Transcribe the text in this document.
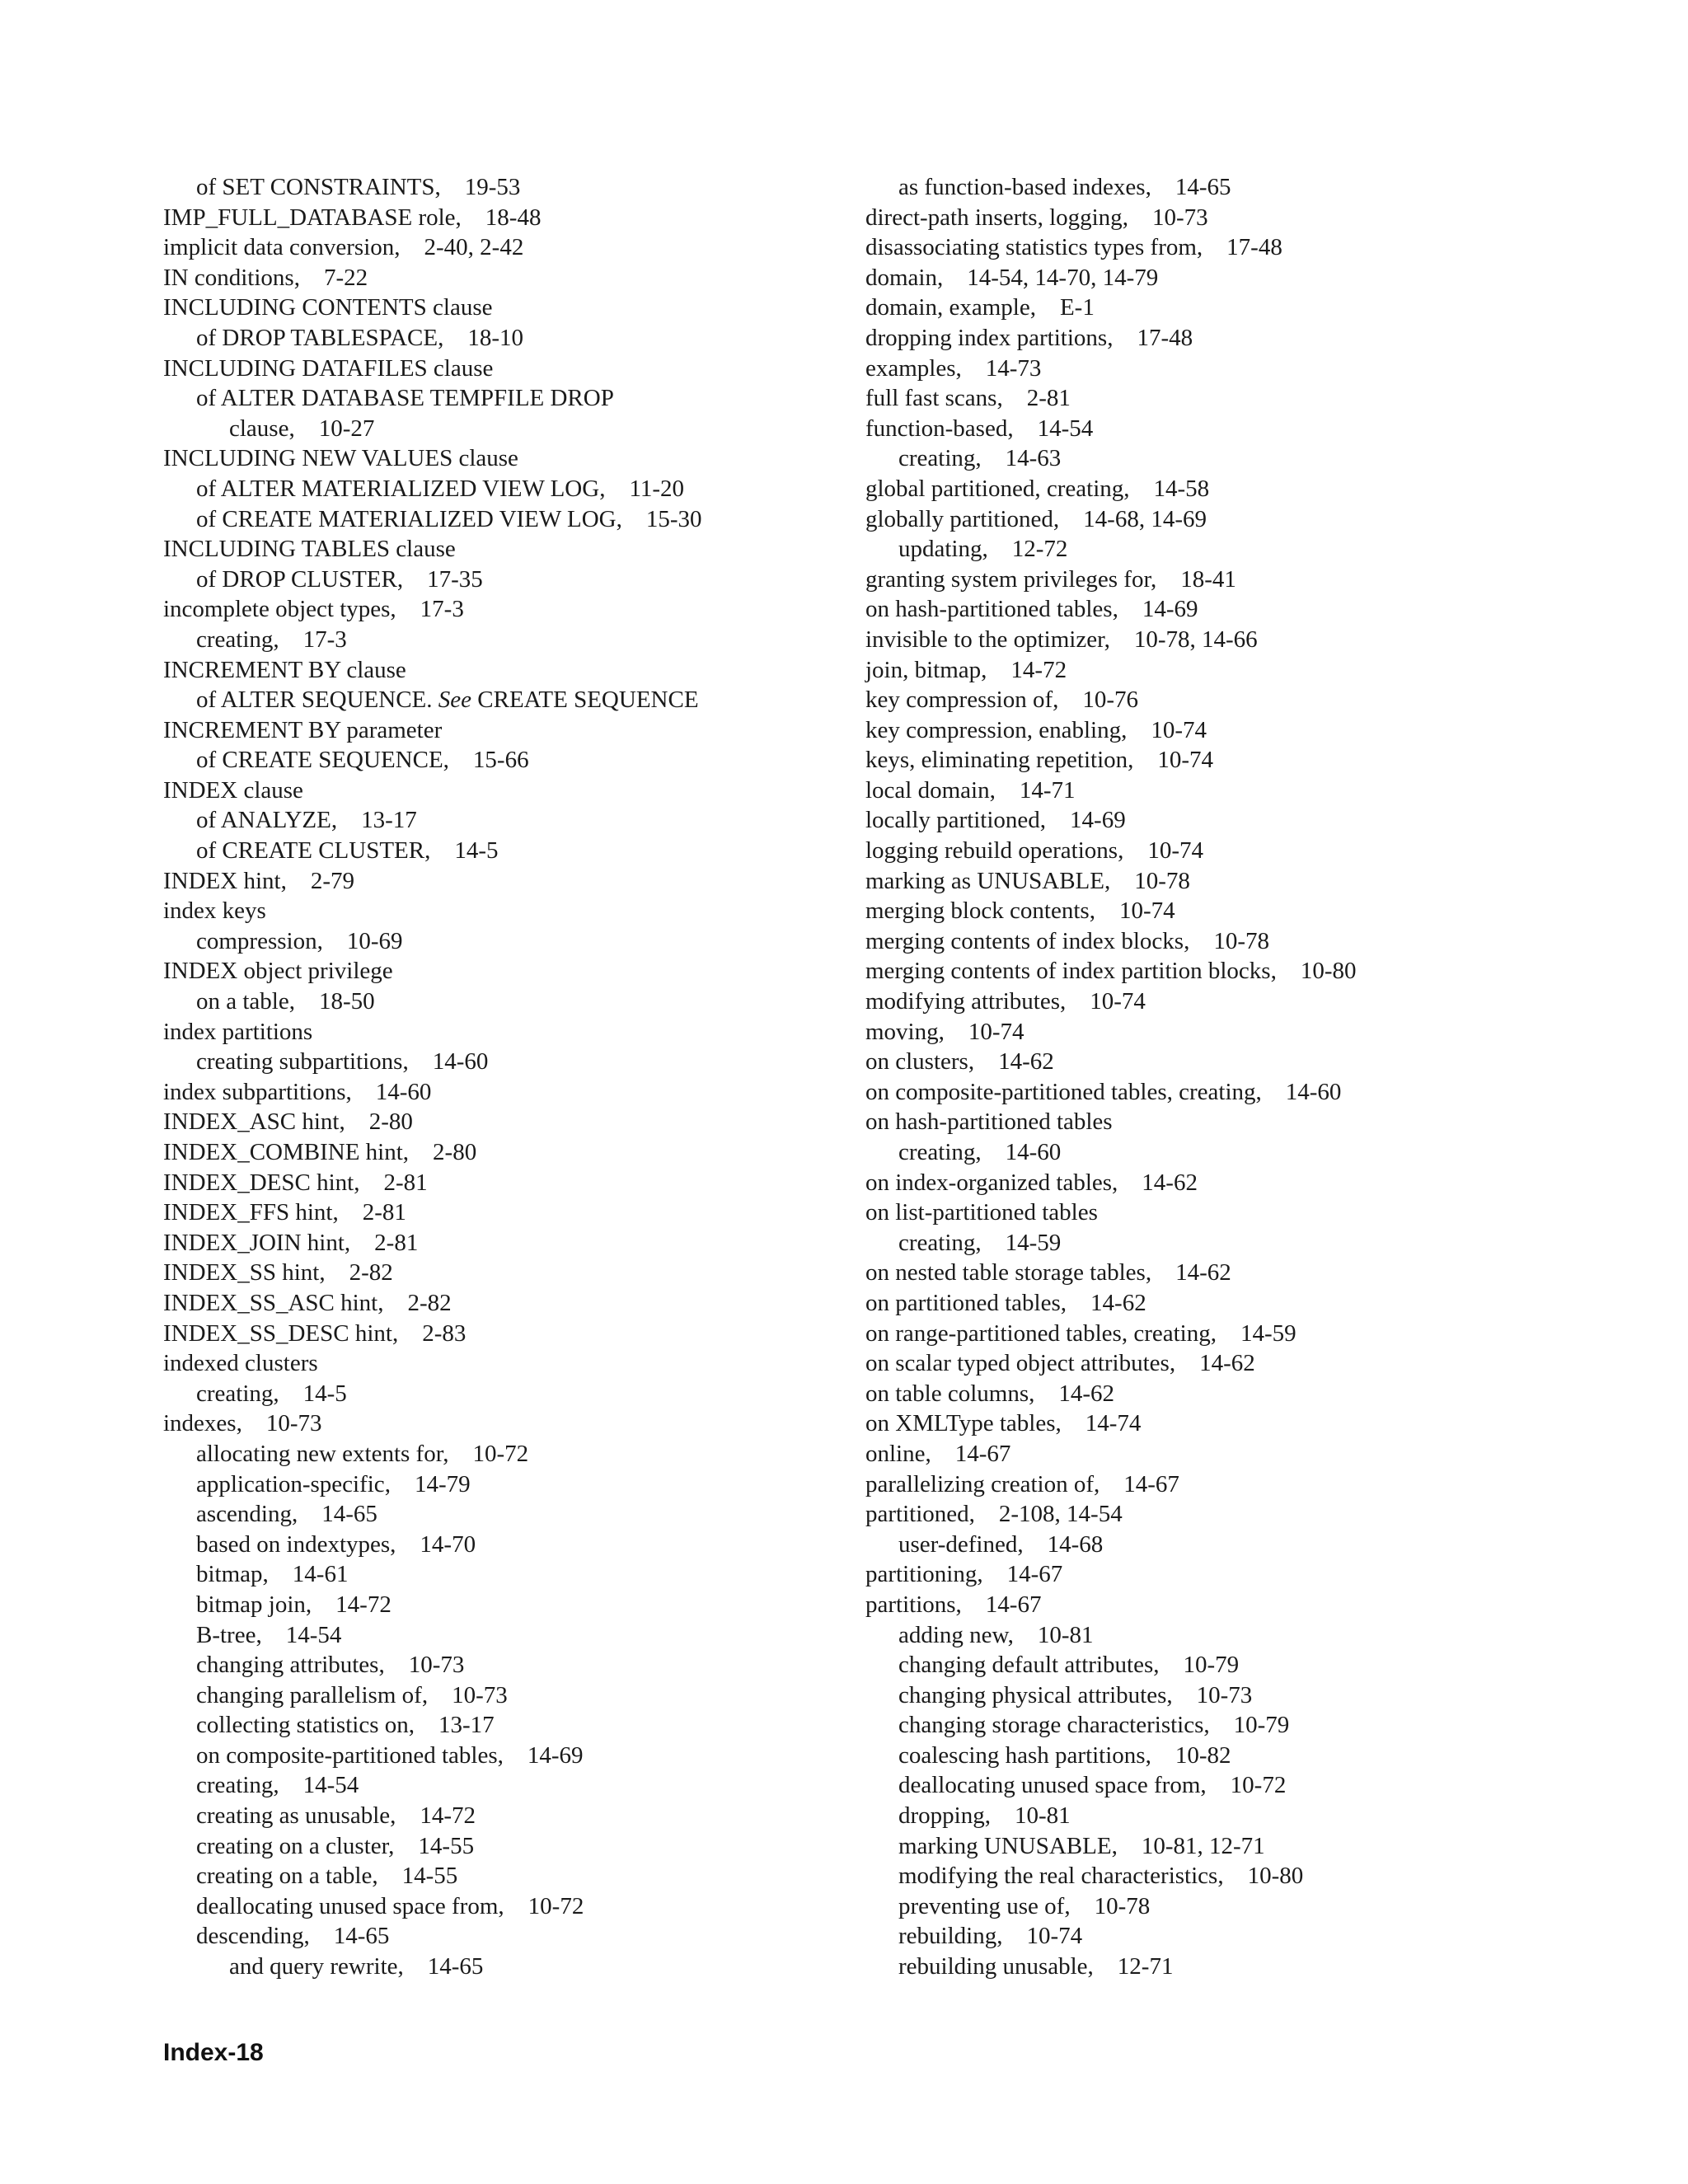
of SET CONSTRAINTS ,    19-53
IMP_FULL_DATABASE role ,    18-48
implicit data conversion ,    2-40, 2-42
IN conditions ,    7-22
INCLUDING CONTENTS clause
of DROP TABLESPACE ,    18-10
INCLUDING DATAFILES clause
of ALTER DATABASE TEMPFILE DROP
clause ,    10-27
INCLUDING NEW VALUES clause
of ALTER MATERIALIZED VIEW LOG ,    11-20
of CREATE MATERIALIZED VIEW LOG ,    15-30
INCLUDING TABLES clause
of DROP CLUSTER ,    17-35
incomplete object types ,    17-3
creating ,    17-3
INCREMENT BY clause
of ALTER SEQUENCE. See CREATE SEQUENCE
INCREMENT BY parameter
of CREATE SEQUENCE ,    15-66
INDEX clause
of ANALYZE ,    13-17
of CREATE CLUSTER ,    14-5
INDEX hint ,    2-79
index keys
compression ,    10-69
INDEX object privilege
on a table ,    18-50
index partitions
creating subpartitions ,    14-60
index subpartitions ,    14-60
INDEX_ASC hint ,    2-80
INDEX_COMBINE hint ,    2-80
INDEX_DESC hint ,    2-81
INDEX_FFS hint ,    2-81
INDEX_JOIN hint ,    2-81
INDEX_SS hint ,    2-82
INDEX_SS_ASC hint ,    2-82
INDEX_SS_DESC hint ,    2-83
indexed clusters
creating ,    14-5
indexes ,    10-73
allocating new extents for ,    10-72
application-specific ,    14-79
ascending ,    14-65
based on indextypes ,    14-70
bitmap ,    14-61
bitmap join ,    14-72
B-tree ,    14-54
changing attributes ,    10-73
changing parallelism of ,    10-73
collecting statistics on ,    13-17
on composite-partitioned tables ,    14-69
creating ,    14-54
creating as unusable ,    14-72
creating on a cluster ,    14-55
creating on a table ,    14-55
deallocating unused space from ,    10-72
descending ,    14-65
and query rewrite ,    14-65
as function-based indexes ,    14-65
direct-path inserts, logging ,    10-73
disassociating statistics types from ,    17-48
domain ,    14-54, 14-70, 14-79
domain, example ,    E-1
dropping index partitions ,    17-48
examples ,    14-73
full fast scans ,    2-81
function-based ,    14-54
creating ,    14-63
global partitioned, creating ,    14-58
globally partitioned ,    14-68, 14-69
updating ,    12-72
granting system privileges for ,    18-41
on hash-partitioned tables ,    14-69
invisible to the optimizer ,    10-78, 14-66
join, bitmap ,    14-72
key compression of ,    10-76
key compression, enabling ,    10-74
keys, eliminating repetition ,    10-74
local domain ,    14-71
locally partitioned ,    14-69
logging rebuild operations ,    10-74
marking as UNUSABLE ,    10-78
merging block contents ,    10-74
merging contents of index blocks ,    10-78
merging contents of index partition blocks ,    10-80
modifying attributes ,    10-74
moving ,    10-74
on clusters ,    14-62
on composite-partitioned tables, creating ,    14-60
on hash-partitioned tables
creating ,    14-60
on index-organized tables ,    14-62
on list-partitioned tables
creating ,    14-59
on nested table storage tables ,    14-62
on partitioned tables ,    14-62
on range-partitioned tables, creating ,    14-59
on scalar typed object attributes ,    14-62
on table columns ,    14-62
on XMLType tables ,    14-74
online ,    14-67
parallelizing creation of ,    14-67
partitioned ,    2-108, 14-54
user-defined ,    14-68
partitioning ,    14-67
partitions ,    14-67
adding new ,    10-81
changing default attributes ,    10-79
changing physical attributes ,    10-73
changing storage characteristics ,    10-79
coalescing hash partitions ,    10-82
deallocating unused space from ,    10-72
dropping ,    10-81
marking UNUSABLE ,    10-81, 12-71
modifying the real characteristics ,    10-80
preventing use of ,    10-78
rebuilding ,    10-74
rebuilding unusable ,    12-71
Index-18
